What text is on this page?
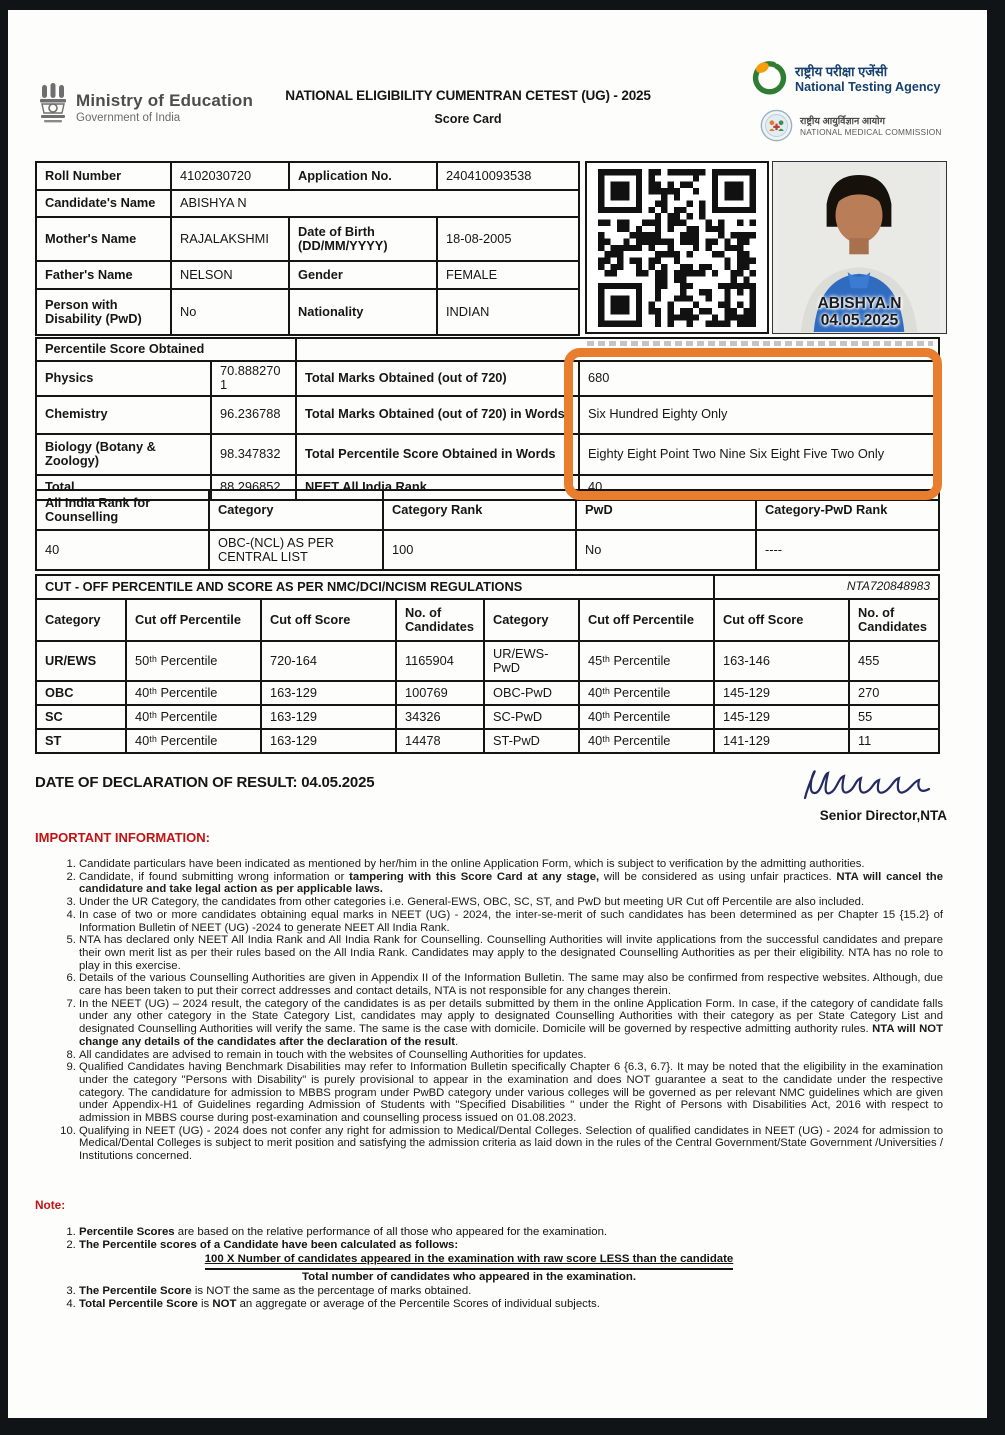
Ministry of Education
Government of India
NATIONAL ELIGIBILITY CUMENTRAN CETEST (UG) - 2025
Score Card
राष्ट्रीय परीक्षा एजेंसी
National Testing Agency
राष्ट्रीय आयुर्विज्ञान आयोग
NATIONAL MEDICAL COMMISSION
Roll Number	4102030720	Application No.	240410093538
Candidate's Name	ABISHYA N		
Mother's Name	RAJALAKSHMI	Date of Birth (DD/MM/YYYY)	18-08-2005
Father's Name	NELSON	Gender	FEMALE
Person with Disability (PwD)	No	Nationality	INDIAN	ABISHYA.N
04.05.2025
Percentile Score Obtained			
Physics	70.8882701	Total Marks Obtained (out of 720)	680
Chemistry	96.236788	Total Marks Obtained (out of 720) in Words	Six Hundred Eighty Only
Biology (Botany & Zoology)	98.347832	Total Percentile Score Obtained in Words	Eighty Eight Point Two Nine Six Eight Five Two Only
Total	88.296852	NEET All India Rank	40
All India Rank for Counselling	Category	Category Rank	PwD	Category-PwD Rank
40	OBC-(NCL) AS PER CENTRAL LIST	100	No	----
CUT - OFF PERCENTILE AND SCORE AS PER NMC/DCI/NCISM REGULATIONS						NTA720848983	
Category	Cut off Percentile	Cut off Score	No. of Candidates	Category	Cut off Percentile	Cut off Score	No. of Candidates
UR/EWS	50ᵗʰ Percentile	720-164	1165904	UR/EWS-PwD	45ᵗʰ Percentile	163-146	455
OBC	40ᵗʰ Percentile	163-129	100769	OBC-PwD	40ᵗʰ Percentile	145-129	270
SC	40ᵗʰ Percentile	163-129	34326	SC-PwD	40ᵗʰ Percentile	145-129	55
ST	40ᵗʰ Percentile	163-129	14478	ST-PwD	40ᵗʰ Percentile	141-129	11
DATE OF DECLARATION OF RESULT: 04.05.2025
Senior Director,NTA
IMPORTANT INFORMATION:
1. Candidate particulars have been indicated as mentioned by her/him in the online Application Form, which is subject to verification by the admitting authorities.
2. Candidate, if found submitting wrong information or tampering with this Score Card at any stage, will be considered as using unfair practices. NTA will cancel the candidature and take legal action as per applicable laws.
3. Under the UR Category, the candidates from other categories i.e. General-EWS, OBC, SC, ST, and PwD but meeting UR Cut off Percentile are also included.
4. In case of two or more candidates obtaining equal marks in NEET (UG) - 2024, the inter-se-merit of such candidates has been determined as per Chapter 15 {15.2} of Information Bulletin of NEET (UG) -2024 to generate NEET All India Rank.
5. NTA has declared only NEET All India Rank and All India Rank for Counselling. Counselling Authorities will invite applications from the successful candidates and prepare their own merit list as per their rules based on the All India Rank. Candidates may apply to the designated Counselling Authorities as per their eligibility. NTA has no role to play in this exercise.
6. Details of the various Counselling Authorities are given in Appendix II of the Information Bulletin. The same may also be confirmed from respective websites. Although, due care has been taken to put their correct addresses and contact details, NTA is not responsible for any changes therein.
7. In the NEET (UG) – 2024 result, the category of the candidates is as per details submitted by them in the online Application Form. In case, if the category of candidate falls under any other category in the State Category List, candidates may apply to designated Counselling Authorities with their category as per State Category List and designated Counselling Authorities will verify the same. The same is the case with domicile. Domicile will be governed by respective admitting authority rules. NTA will NOT change any details of the candidates after the declaration of the result.
8. All candidates are advised to remain in touch with the websites of Counselling Authorities for updates.
9. Qualified Candidates having Benchmark Disabilities may refer to Information Bulletin specifically Chapter 6 {6.3, 6.7}. It may be noted that the eligibility in the examination under the category "Persons with Disability" is purely provisional to appear in the examination and does NOT guarantee a seat to the candidate under the respective category. The candidature for admission to MBBS program under PwBD category under various colleges will be governed as per relevant NMC guidelines which are given under Appendix-H1 of Guidelines regarding Admission of Students with "Specified Disabilities " under the Right of Persons with Disabilities Act, 2016 with respect to admission in MBBS course during post-examination and counselling process issued on 01.08.2023.
10. Qualifying in NEET (UG) - 2024 does not confer any right for admission to Medical/Dental Colleges. Selection of qualified candidates in NEET (UG) - 2024 for admission to Medical/Dental Colleges is subject to merit position and satisfying the admission criteria as laid down in the rules of the Central Government/State Government /Universities / Institutions concerned.
Note:
1. Percentile Scores are based on the relative performance of all those who appeared for the examination.
2. The Percentile scores of a Candidate have been calculated as follows:
100 X Number of candidates appeared in the examination with raw score LESS than the candidate
Total number of candidates who appeared in the examination.
3. The Percentile Score is NOT the same as the percentage of marks obtained.
4. Total Percentile Score is NOT an aggregate or average of the Percentile Scores of individual subjects.
